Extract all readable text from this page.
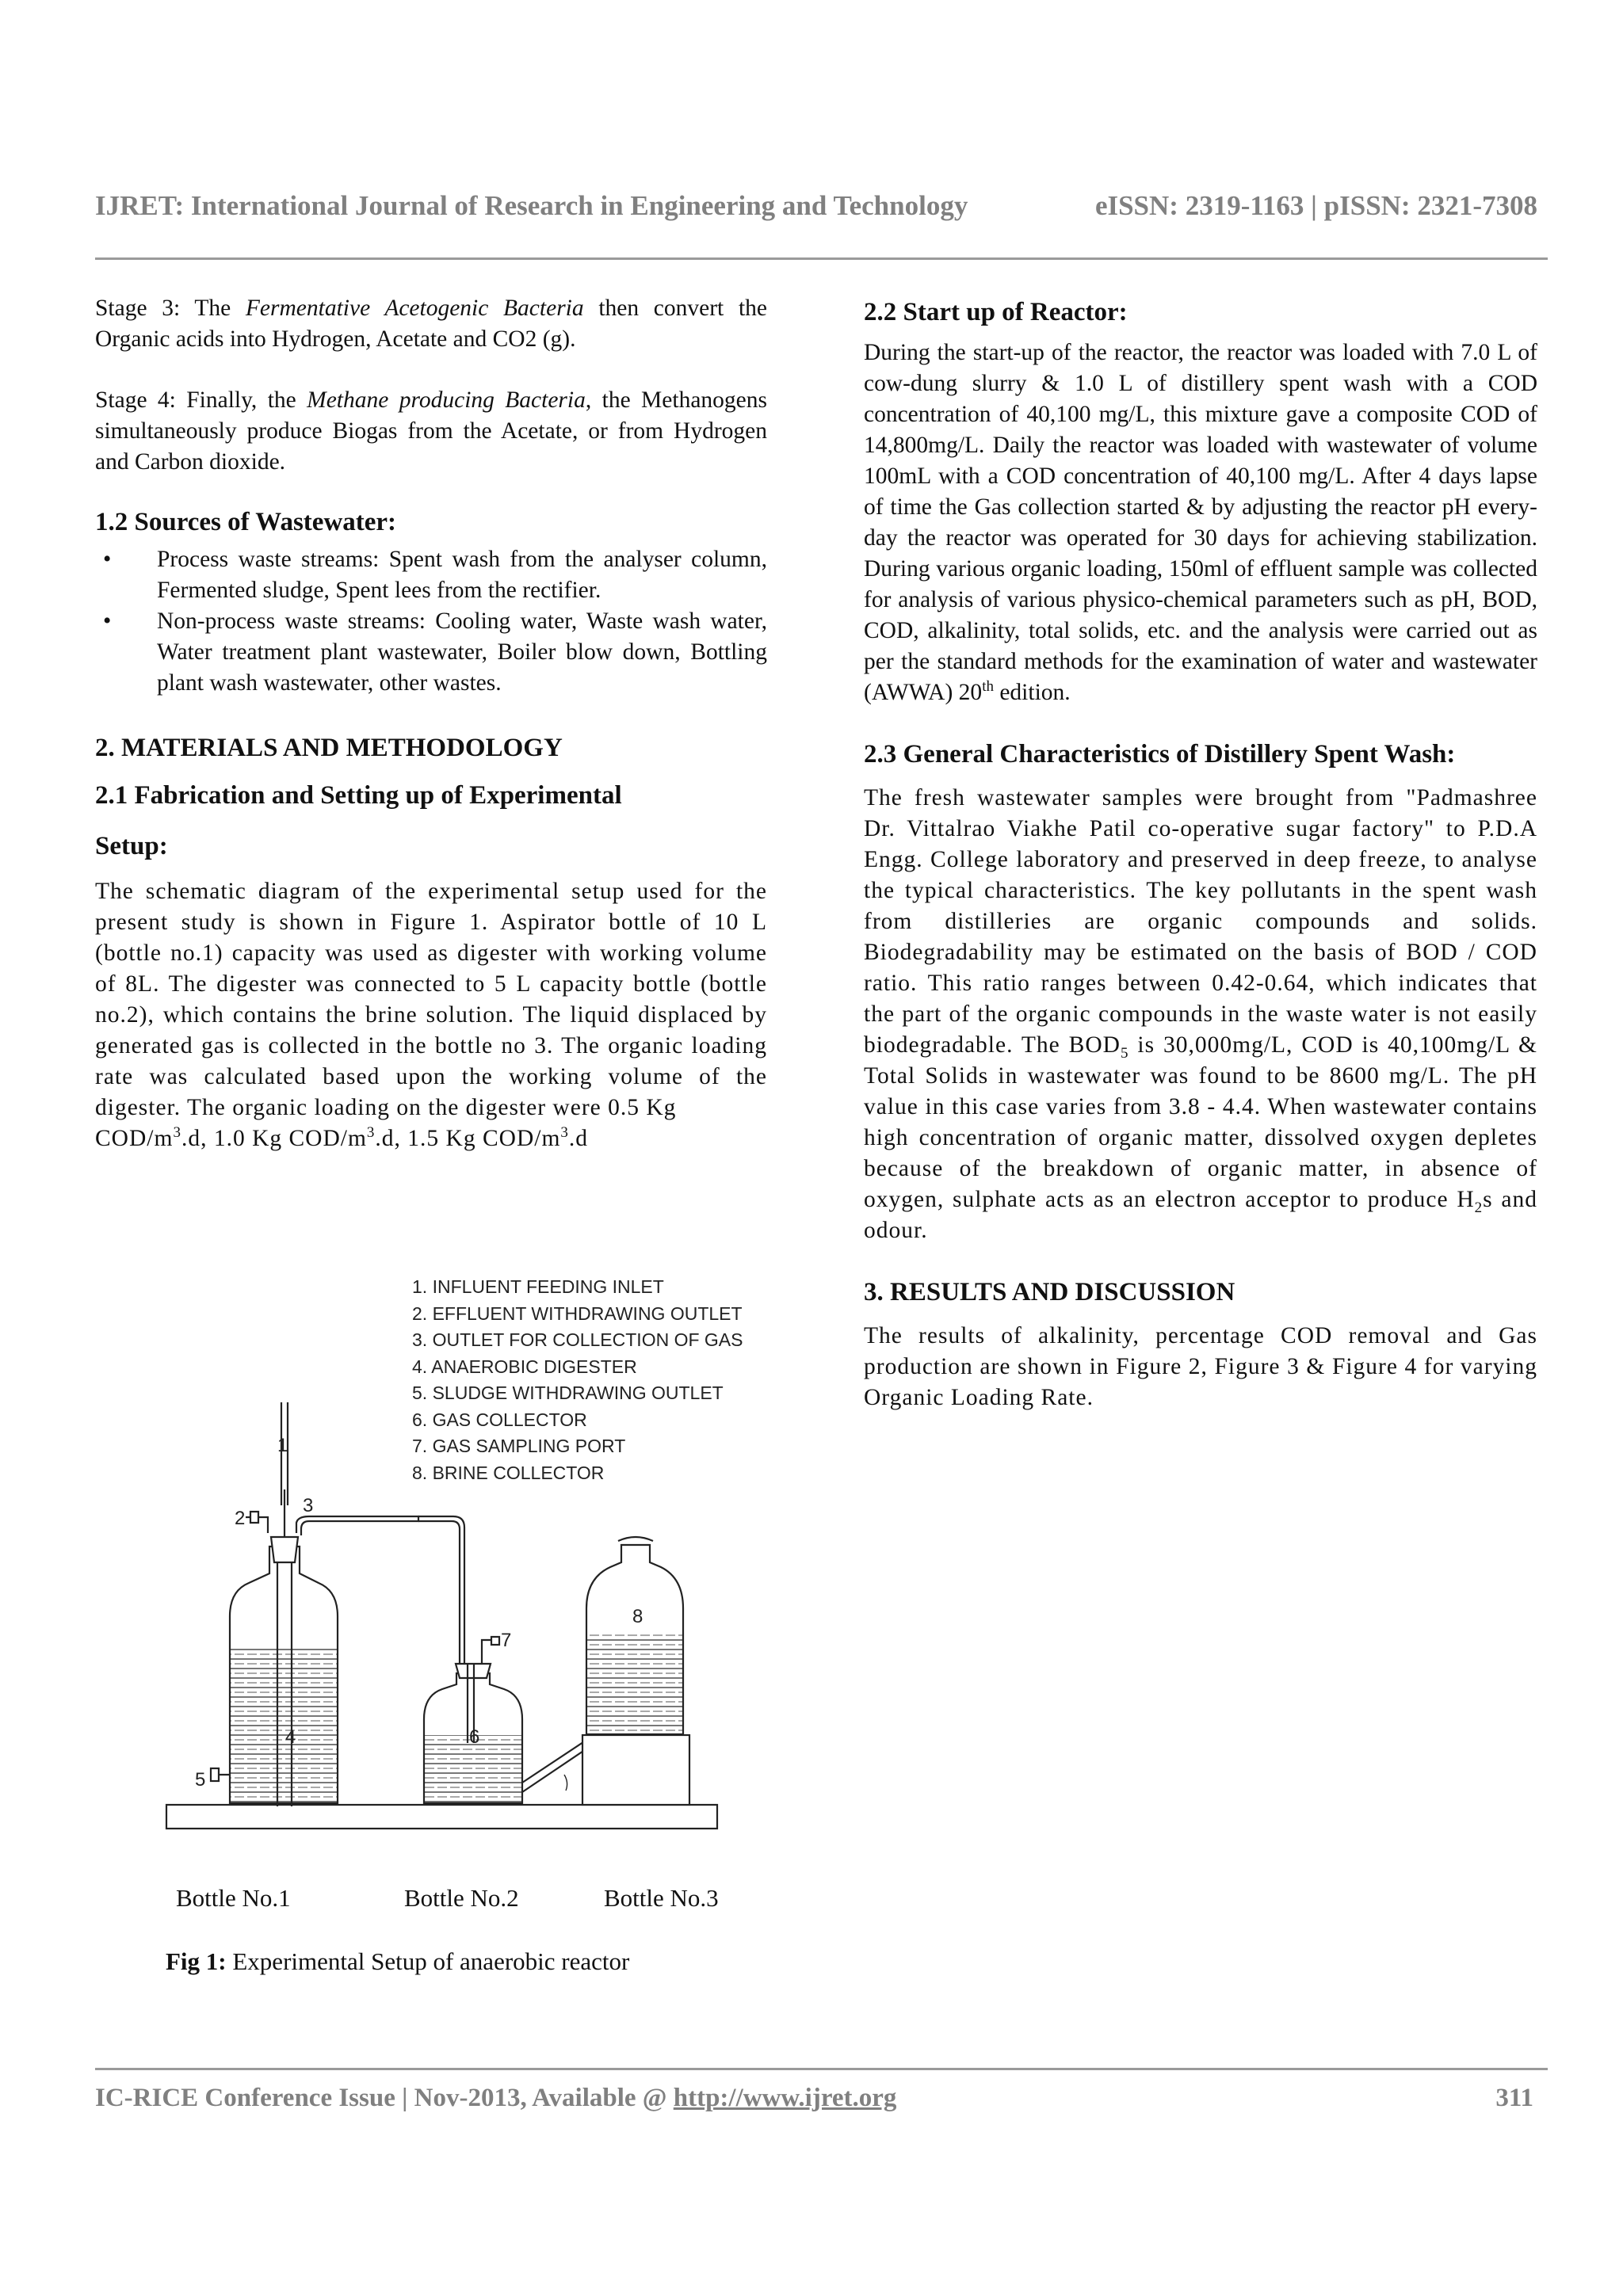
IJRET: International Journal of Research in Engineering and Technology	eISSN: 2319-1163 | pISSN: 2321-7308

Stage 3: The Fermentative Acetogenic Bacteria then convert the Organic acids into Hydrogen, Acetate and CO2 (g).

Stage 4: Finally, the Methane producing Bacteria, the Methanogens simultaneously produce Biogas from the Acetate, or from Hydrogen and Carbon dioxide.

1.2 Sources of Wastewater:
• Process waste streams: Spent wash from the analyser column, Fermented sludge, Spent lees from the rectifier.
• Non-process waste streams: Cooling water, Waste wash water, Water treatment plant wastewater, Boiler blow down, Bottling plant wash wastewater, other wastes.
2. MATERIALS AND METHODOLOGY
2.1 Fabrication and Setting up of Experimental
Setup:

The schematic diagram of the experimental setup used for the present study is shown in Figure 1. Aspirator bottle of 10 L (bottle no.1) capacity was used as digester with working volume of 8L. The digester was connected to 5 L capacity bottle (bottle no.2), which contains the brine solution. The liquid displaced by generated gas is collected in the bottle no 3. The organic loading rate was calculated based upon the working volume of the digester. The organic loading on the digester were 0.5 Kg
COD/$m^3.d$, 1.0 Kg COD/$m^3.d$, 1.5 Kg COD/$m^3.d$

1. INFLUENT FEEDING INLET
2. EFFLUENT WITHDRAWING OUTLET
3. OUTLET FOR COLLECTION OF GAS
4. ANAEROBIC DIGESTER
5. SLUDGE WITHDRAWING OUTLET
6. GAS COLLECTOR
7. GAS SAMPLING PORT
8. BRINE COLLECTOR
1
2
3
4
5
6
7
8
Bottle No.1	Bottle No.2	Bottle No.3
Fig 1: Experimental Setup of anaerobic reactor
2.2 Start up of Reactor:

During the start-up of the reactor, the reactor was loaded with 7.0 L of cow-dung slurry & 1.0 L of distillery spent wash with a COD concentration of 40,100 mg/L, this mixture gave a composite COD of 14,800mg/L. Daily the reactor was loaded with wastewater of volume 100mL with a COD concentration of 40,100 mg/L. After 4 days lapse of time the Gas collection started & by adjusting the reactor pH every-day the reactor was operated for 30 days for achieving stabilization. During various organic loading, 150ml of effluent sample was collected for analysis of various physico-chemical parameters such as pH, BOD, COD, alkalinity, total solids, etc. and the analysis were carried out as per the standard methods for the examination of water and wastewater (AWWA) 20th edition.

2.3 General Characteristics of Distillery Spent Wash:

The fresh wastewater samples were brought from "Padmashree Dr. Vittalrao Viakhe Patil co-operative sugar factory" to P.D.A Engg. College laboratory and preserved in deep freeze, to analyse the typical characteristics. The key pollutants in the spent wash from distilleries are organic compounds and solids. Biodegradability may be estimated on the basis of BOD / COD ratio. This ratio ranges between 0.42-0.64, which indicates that the part of the organic compounds in the waste water is not easily biodegradable. The $BOD_5$ is 30,000mg/L, COD is 40,100mg/L & Total Solids in wastewater was found to be 8600 mg/L. The pH value in this case varies from 3.8 - 4.4. When wastewater contains high concentration of organic matter, dissolved oxygen depletes because of the breakdown of organic matter, in absence of oxygen, sulphate acts as an electron acceptor to produce $H_2s$ and odour.

3. RESULTS AND DISCUSSION

The results of alkalinity, percentage COD removal and Gas production are shown in Figure 2, Figure 3 & Figure 4 for varying Organic Loading Rate.

IC-RICE Conference Issue | Nov-2013, Available @ http://www.ijret.org	311
